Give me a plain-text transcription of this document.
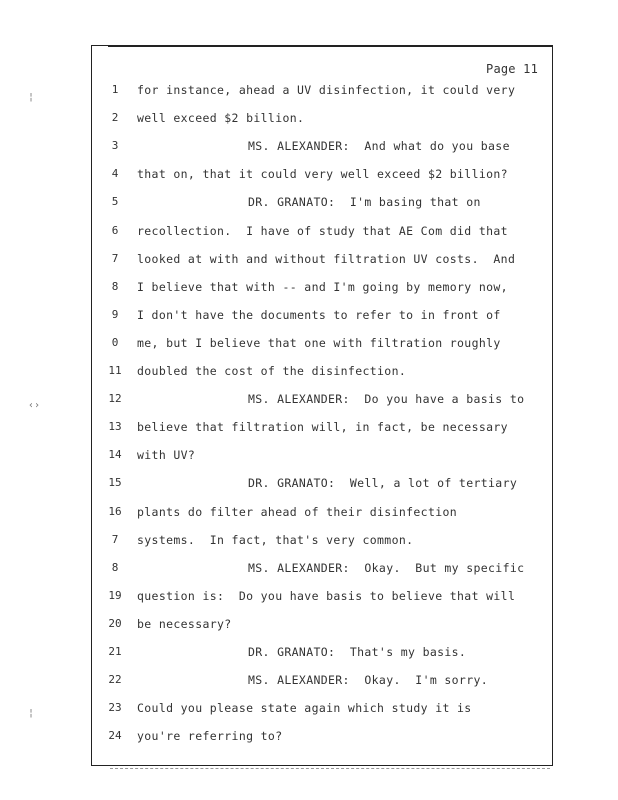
¦
‹›
¦
Page 11
1	for instance, ahead a UV disinfection, it could very
2	well exceed $2 billion.
3	MS. ALEXANDER:  And what do you base
4	that on, that it could very well exceed $2 billion?
5	DR. GRANATO:  I'm basing that on
6	recollection.  I have of study that AE Com did that
7	looked at with and without filtration UV costs.  And
8	I believe that with -- and I'm going by memory now,
9	I don't have the documents to refer to in front of
0	me, but I believe that one with filtration roughly
11	doubled the cost of the disinfection.
12	MS. ALEXANDER:  Do you have a basis to
13	believe that filtration will, in fact, be necessary
14	with UV?
15	DR. GRANATO:  Well, a lot of tertiary
16	plants do filter ahead of their disinfection
7	systems.  In fact, that's very common.
8	MS. ALEXANDER:  Okay.  But my specific
19	question is:  Do you have basis to believe that will
20	be necessary?
21	DR. GRANATO:  That's my basis.
22	MS. ALEXANDER:  Okay.  I'm sorry.
23	Could you please state again which study it is
24	you're referring to?
